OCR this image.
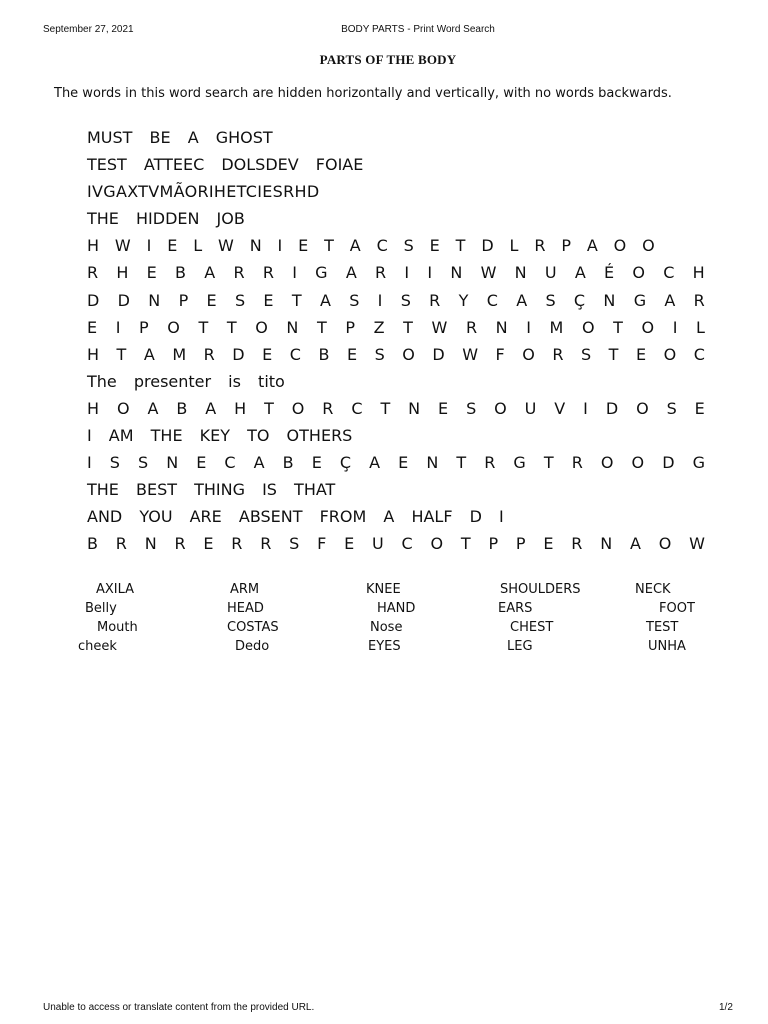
September 27, 2021	BODY PARTS - Print Word Search
PARTS OF THE BODY
The words in this word search are hidden horizontally and vertically, with no words backwards.
MUST BE A GHOST
TEST ATTEEC DOLSDEV FOIAE
IVGAXTVMÃORIHETCIESRHD
THE HIDDEN JOB
H W I E L W N I E T A C S E T D L R P A O O
R H E B A R R I G A R I I N W N U A É O C H
D D N P E S E T A S I S R Y C A S Ç N G A R
E I P O T T O N T P Z T W R N I M O T O I L
H T A M R D E C B E S O D W F O R S T E O C
The presenter is tito
H O A B A H T O R C T N E S O U V I D O S E
I AM THE KEY TO OTHERS
I S S N E C A B E Ç A E N T R G T R O O D G
THE BEST THING IS THAT
AND YOU ARE ABSENT FROM A HALF D I
B R N R E R R S F E U C O T P P E R N A O W
AXILA	ARM	KNEE	SHOULDERS	NECK
Belly	HEAD	HAND	EARS	FOOT
Mouth	COSTAS	Nose	CHEST	TEST
cheek	Dedo	EYES	LEG	UNHA
Unable to access or translate content from the provided URL.	1/2
